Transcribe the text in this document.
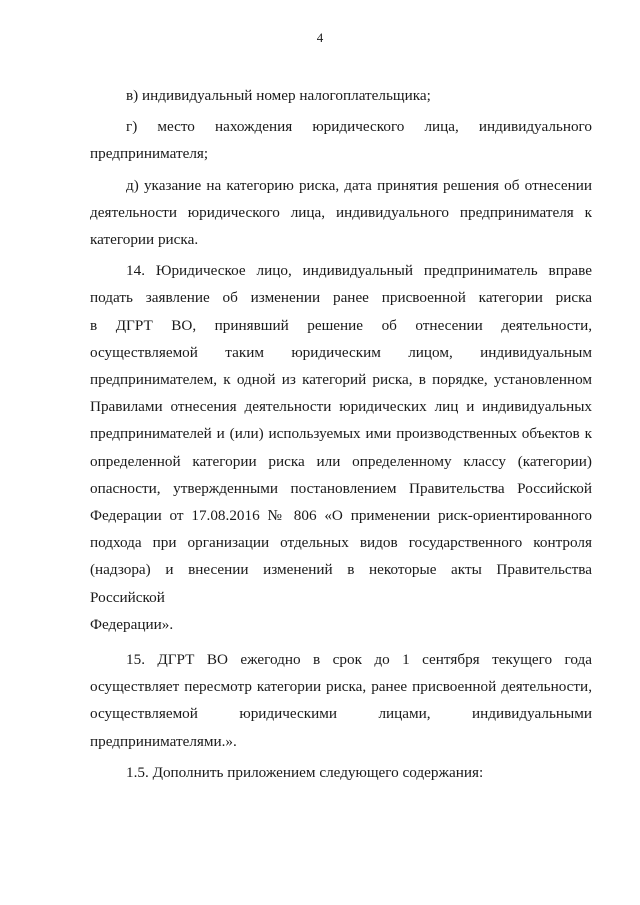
4

в) индивидуальный номер налогоплательщика;

г) место нахождения юридического лица, индивидуального
предпринимателя;

д) указание на категорию риска, дата принятия решения об отнесении
деятельности юридического лица, индивидуального предпринимателя к
категории риска.

14. Юридическое лицо, индивидуальный предприниматель вправе
подать заявление об изменении ранее присвоенной категории риска
в ДГРТ ВО, принявший решение об отнесении деятельности,
осуществляемой таким юридическим лицом, индивидуальным
предпринимателем, к одной из категорий риска, в порядке, установленном
Правилами отнесения деятельности юридических лиц и индивидуальных
предпринимателей и (или) используемых ими производственных объектов к
определенной категории риска или определенному классу (категории)
опасности, утвержденными постановлением Правительства Российской
Федерации от 17.08.2016 № 806 «О применении риск-ориентированного
подхода при организации отдельных видов государственного контроля
(надзора) и внесении изменений в некоторые акты Правительства Российской
Федерации».

15. ДГРТ ВО ежегодно в срок до 1 сентября текущего года
осуществляет пересмотр категории риска, ранее присвоенной деятельности,
осуществляемой юридическими лицами, индивидуальными
предпринимателями.».

1.5. Дополнить приложением следующего содержания:
